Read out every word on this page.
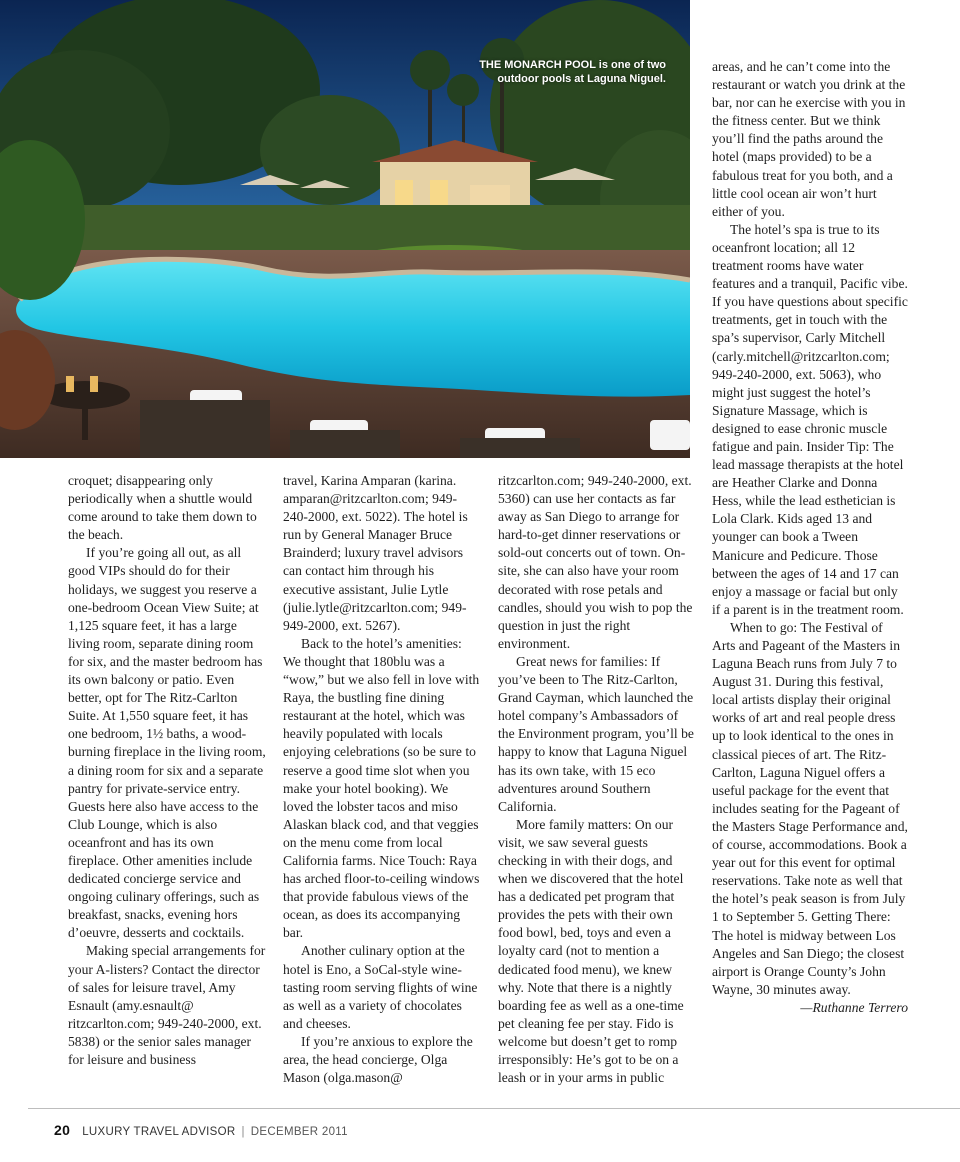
THE MONARCH POOL is one of two outdoor pools at Laguna Niguel.

croquet; disappearing only periodically when a shuttle would come around to take them down to the beach.

If you’re going all out, as all good VIPs should do for their holidays, we suggest you reserve a one-bedroom Ocean View Suite; at 1,125 square feet, it has a large living room, separate dining room for six, and the master bedroom has its own balcony or patio. Even better, opt for The Ritz-Carlton Suite. At 1,550 square feet, it has one bedroom, 1½ baths, a wood-burning fireplace in the living room, a dining room for six and a separate pantry for private-service entry. Guests here also have access to the Club Lounge, which is also oceanfront and has its own fireplace. Other amenities include dedicated concierge service and ongoing culinary offerings, such as breakfast, snacks, evening hors d’oeuvre, desserts and cocktails.

Making special arrangements for your A-listers? Contact the director of sales for leisure travel, Amy Esnault (amy.esnault@ ritzcarlton.com; 949-240-2000, ext. 5838) or the senior sales manager for leisure and business

travel, Karina Amparan (karina. amparan@ritzcarlton.com; 949-240-2000, ext. 5022). The hotel is run by General Manager Bruce Brainderd; luxury travel advisors can contact him through his executive assistant, Julie Lytle (julie.lytle@ritzcarlton.com; 949-949-2000, ext. 5267).

Back to the hotel’s amenities: We thought that 180blu was a “wow,” but we also fell in love with Raya, the bustling fine dining restaurant at the hotel, which was heavily populated with locals enjoying celebrations (so be sure to reserve a good time slot when you make your hotel booking). We loved the lobster tacos and miso Alaskan black cod, and that veggies on the menu come from local California farms. Nice Touch: Raya has arched floor-to-ceiling windows that provide fabulous views of the ocean, as does its accompanying bar.

Another culinary option at the hotel is Eno, a SoCal-style wine-tasting room serving flights of wine as well as a variety of chocolates and cheeses.

If you’re anxious to explore the area, the head concierge, Olga Mason (olga.mason@

ritzcarlton.com; 949-240-2000, ext. 5360) can use her contacts as far away as San Diego to arrange for hard-to-get dinner reservations or sold-out concerts out of town. On-site, she can also have your room decorated with rose petals and candles, should you wish to pop the question in just the right environment.

Great news for families: If you’ve been to The Ritz-Carlton, Grand Cayman, which launched the hotel company’s Ambassadors of the Environment program, you’ll be happy to know that Laguna Niguel has its own take, with 15 eco adventures around Southern California.

More family matters: On our visit, we saw several guests checking in with their dogs, and when we discovered that the hotel has a dedicated pet program that provides the pets with their own food bowl, bed, toys and even a loyalty card (not to mention a dedicated food menu), we knew why. Note that there is a nightly boarding fee as well as a one-time pet cleaning fee per stay. Fido is welcome but doesn’t get to romp irresponsibly: He’s got to be on a leash or in your arms in public

areas, and he can’t come into the restaurant or watch you drink at the bar, nor can he exercise with you in the fitness center. But we think you’ll find the paths around the hotel (maps provided) to be a fabulous treat for you both, and a little cool ocean air won’t hurt either of you.

The hotel’s spa is true to its oceanfront location; all 12 treatment rooms have water features and a tranquil, Pacific vibe. If you have questions about specific treatments, get in touch with the spa’s supervisor, Carly Mitchell (carly.mitchell@ritzcarlton.com; 949-240-2000, ext. 5063), who might just suggest the hotel’s Signature Massage, which is designed to ease chronic muscle fatigue and pain. Insider Tip: The lead massage therapists at the hotel are Heather Clarke and Donna Hess, while the lead esthetician is Lola Clark. Kids aged 13 and younger can book a Tween Manicure and Pedicure. Those between the ages of 14 and 17 can enjoy a massage or facial but only if a parent is in the treatment room.

When to go: The Festival of Arts and Pageant of the Masters in Laguna Beach runs from July 7 to August 31. During this festival, local artists display their original works of art and real people dress up to look identical to the ones in classical pieces of art. The Ritz-Carlton, Laguna Niguel offers a useful package for the event that includes seating for the Pageant of the Masters Stage Performance and, of course, accommodations. Book a year out for this event for optimal reservations. Take note as well that the hotel’s peak season is from July 1 to September 5. Getting There: The hotel is midway between Los Angeles and San Diego; the closest airport is Orange County’s John Wayne, 30 minutes away.

—Ruthanne Terrero

20 LUXURY TRAVEL ADVISOR | DECEMBER 2011
